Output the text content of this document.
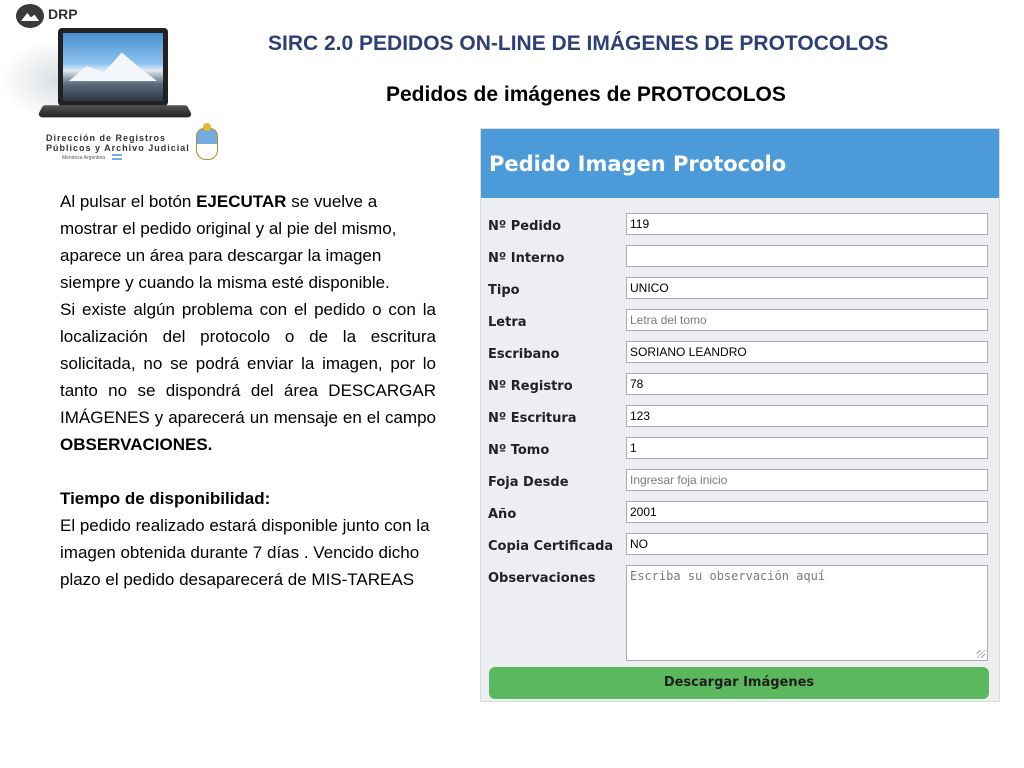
DRP
Dirección de Registros
Públicos y Archivo Judicial
Mendoza Argentina
SIRC 2.0 PEDIDOS ON-LINE DE IMÁGENES DE PROTOCOLOS
Pedidos de imágenes de PROTOCOLOS

Al pulsar el botón EJECUTAR se vuelve a mostrar el pedido original y al pie del mismo, aparece un área para descargar la imagen siempre y cuando la misma esté disponible.

Si existe algún problema con el pedido o con la localización del protocolo o de la escritura solicitada, no se podrá enviar la imagen, por lo tanto no se dispondrá del área DESCARGAR IMÁGENES y aparecerá un mensaje en el campo OBSERVACIONES.

Tiempo de disponibilidad:

El pedido realizado estará disponible junto con la imagen obtenida durante 7 días . Vencido dicho plazo el pedido desaparecerá de MIS-TAREAS

Pedido Imagen Protocolo
Nº Pedido	119
Nº Interno
Tipo	UNICO
Letra	Letra del tomo
Escribano	SORIANO LEANDRO
Nº Registro	78
Nº Escritura	123
Nº Tomo	1
Foja Desde	Ingresar foja inicio
Año	2001
Copia Certificada	NO
Observaciones	Escriba su observación aquí
Descargar Imágenes
